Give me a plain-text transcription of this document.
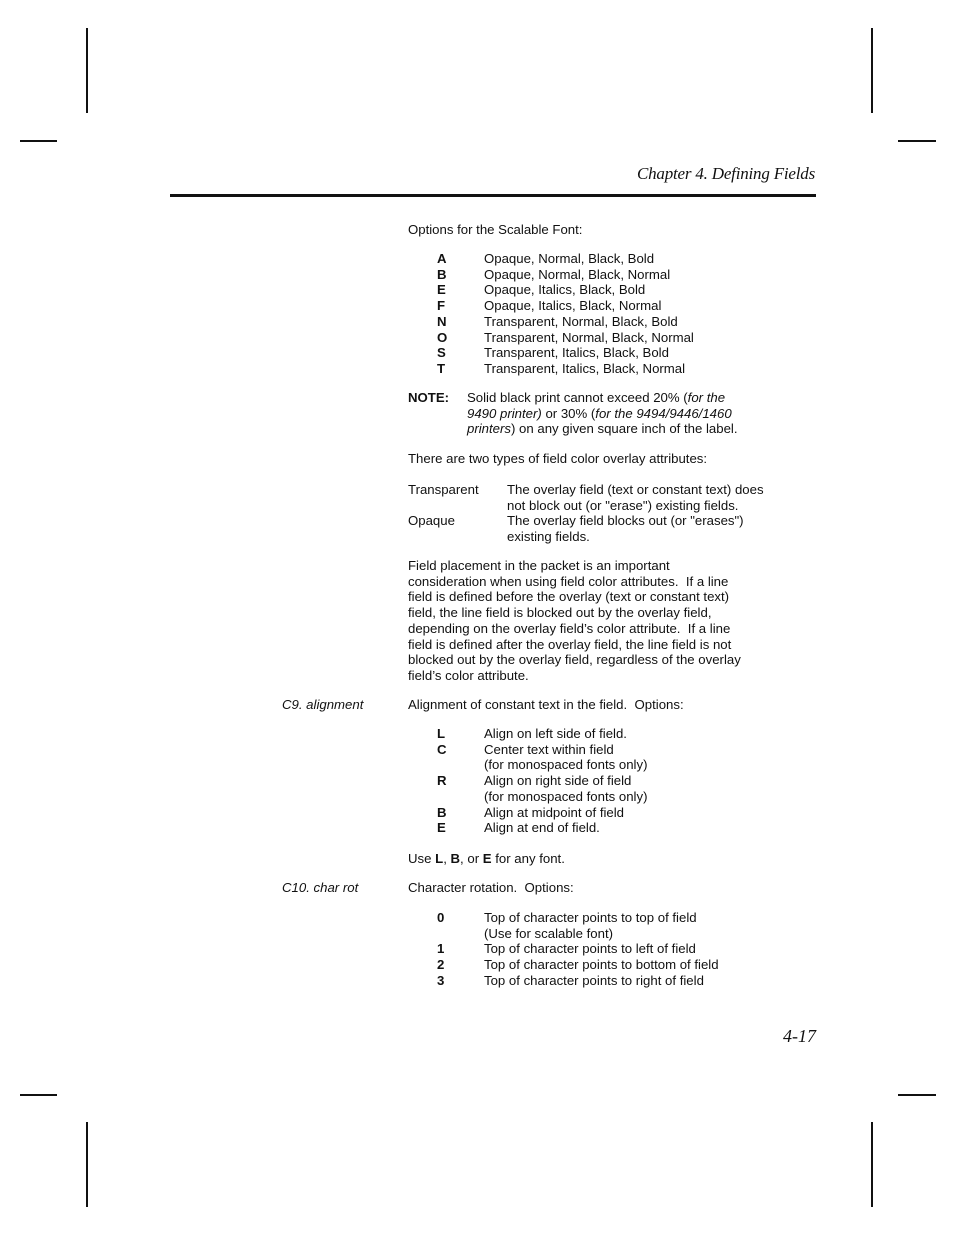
Chapter 4. Defining Fields
Options for the Scalable Font:
A	Opaque, Normal, Black, Bold
B	Opaque, Normal, Black, Normal
E	Opaque, Italics, Black, Bold
F	Opaque, Italics, Black, Normal
N	Transparent, Normal, Black, Bold
O	Transparent, Normal, Black, Normal
S	Transparent, Italics, Black, Bold
T	Transparent, Italics, Black, Normal
NOTE: Solid black print cannot exceed 20% (for the
9490 printer) or 30% (for the 9494/9446/1460
printers) on any given square inch of the label.
There are two types of field color overlay attributes:
Transparent The overlay field (text or constant text) does
not block out (or "erase") existing fields.
Opaque	The overlay field blocks out (or "erases")
existing fields.
Field placement in the packet is an important
consideration when using field color attributes.  If a line
field is defined before the overlay (text or constant text)
field, the line field is blocked out by the overlay field,
depending on the overlay field’s color attribute.  If a line
field is defined after the overlay field, the line field is not
blocked out by the overlay field, regardless of the overlay
field’s color attribute.
C9. alignment	Alignment of constant text in the field.  Options:
L	Align on left side of field.
C	Center text within field
(for monospaced fonts only)
R	Align on right side of field
(for monospaced fonts only)
B	Align at midpoint of field
E	Align at end of field.
Use L, B, or E for any font.
C10. char rot	Character rotation.  Options:
0	Top of character points to top of field
(Use for scalable font)
1	Top of character points to left of field
2	Top of character points to bottom of field
3	Top of character points to right of field
4-17
